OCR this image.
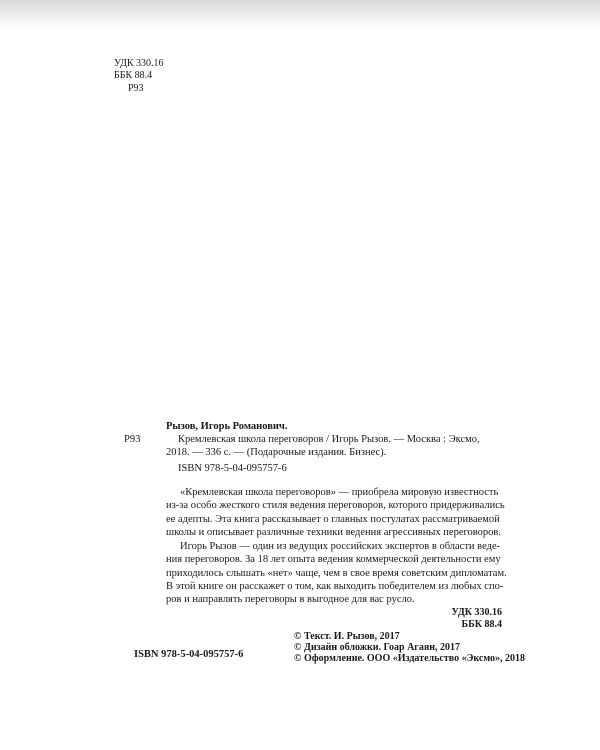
УДК 330.16
ББК 88.4
Р93
Рызов, Игорь Романович.
Р93	Кремлевская школа переговоров / Игорь Рызов. — Москва : Эксмо,
2018. — 336 с. — (Подарочные издания. Бизнес).
ISBN 978-5-04-095757-6
«Кремлевская школа переговоров» — приобрела мировую известность
из-за особо жесткого стиля ведения переговоров, которого придерживались
ее адепты. Эта книга рассказывает о главных постулатах рассматриваемой
школы и описывает различные техники ведения агрессивных переговоров.
Игорь Рызов — один из ведущих российских экспертов в области веде-
ния переговоров. За 18 лет опыта ведения коммерческой деятельности ему
приходилось слышать «нет» чаще, чем в свое время советским дипломатам.
В этой книге он расскажет о том, как выходить победителем из любых спо-
ров и направлять переговоры в выгодное для вас русло.
УДК 330.16
ББК 88.4
ISBN 978-5-04-095757-6
© Текст. И. Рызов, 2017
© Дизайн обложки. Гоар Агаян, 2017
© Оформление. ООО «Издательство «Эксмо», 2018
